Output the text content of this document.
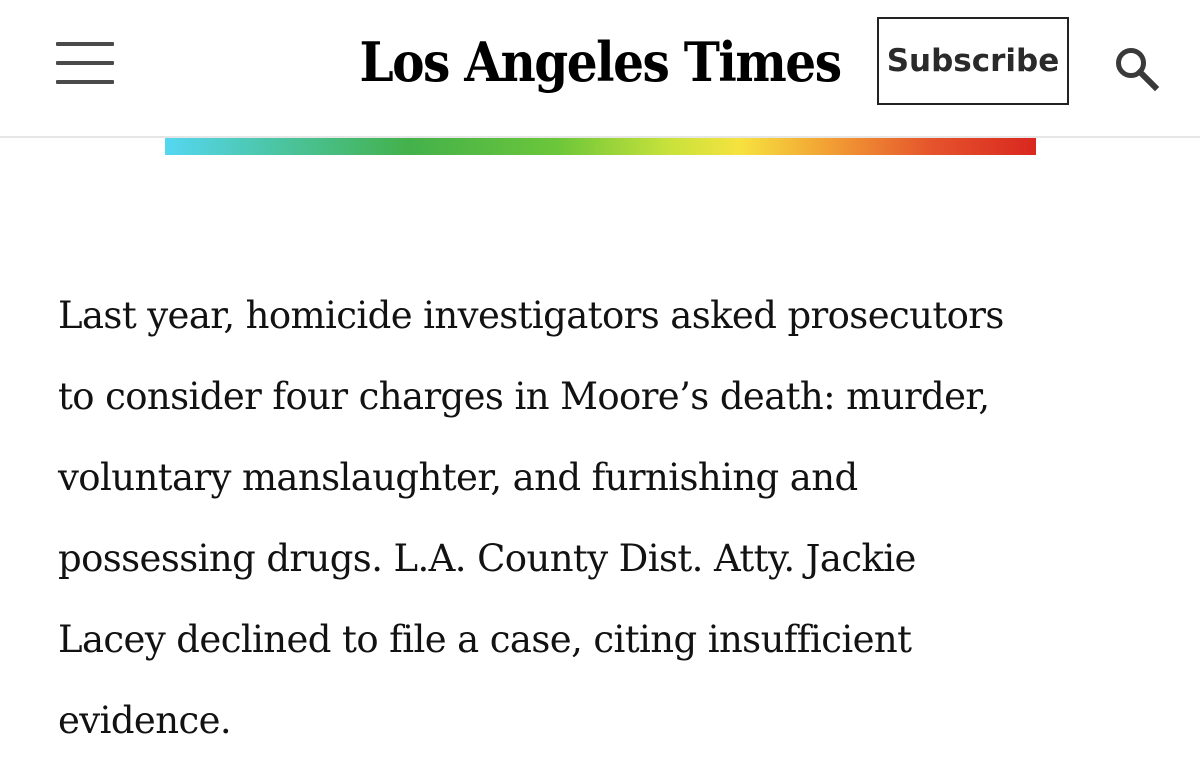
Los Angeles Times	Subscribe

Last year, homicide investigators asked prosecutors
to consider four charges in Moore’s death: murder,
voluntary manslaughter, and furnishing and
possessing drugs. L.A. County Dist. Atty. Jackie
Lacey declined to file a case, citing insufficient
evidence.
